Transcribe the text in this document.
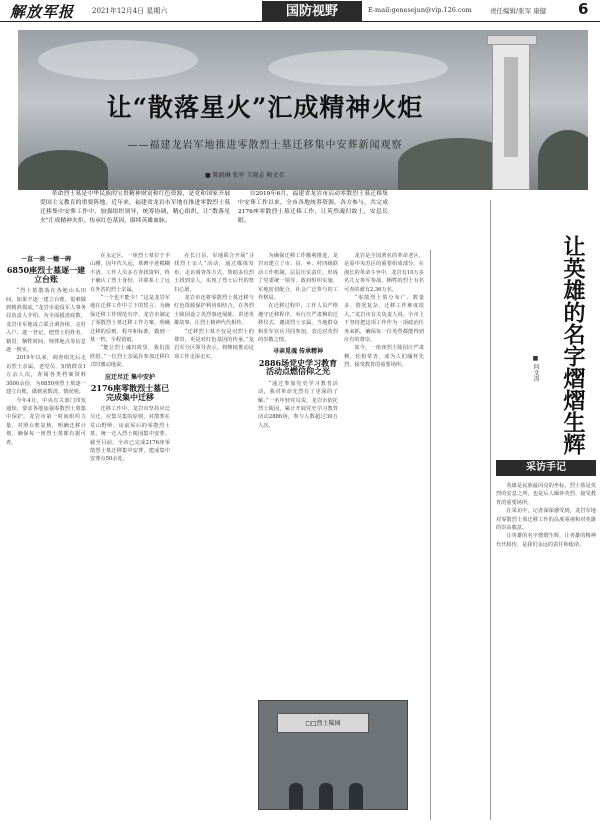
解放军报	2021年12月4日 星期六	国防视野	E-mail:genesejun@vip.126.com	责任编辑/张军 康健 6
让“散落星火”汇成精神火炬
——福建龙岩军地推进零散烈士墓迁移集中安葬新闻观察
■ 陈晓琳 张军 王晓志 赖文君

革命烈士墓是中华民族的宝贵精神财富和红色资源，是党和国家开展爱国主义教育的重要阵地。近年来，福建省龙岩市军地在推进零散烈士墓迁移集中安葬工作中，加强组织领导，统筹协调，精心组织，让“散落星火”汇成精神火炬，传承红色基因，赓续英雄血脉。

自2019年6月，福建省龙岩市启动零散烈士墓迁移集中安葬工作以来，全市各地统筹资源，各方参与，共完成2176座零散烈士墓迁移工作，让英烈魂归故土，安息长眠。

一直一表 一穗一碑
6850座烈士墓逐一建立台账

“烈士墓散落在各地山头田间，如果不逐一建立台账，很难做到精准摸底。”龙岩市退役军人事务局负责人介绍。为全面摸清底数，龙岩市军地成立联合调查组，走村入户，逐一登记，把烈士的姓名、籍贯、牺牲时间、埋葬地点等信息逐一核实。

2019年以来，调查组先后走访烈士亲属、老党员、知情群众1万余人次，查阅各类档案资料3000余份，为6850座烈士墓逐一建立台账，做到底数清、情况明。

今年4月，中央有关部门印发通知，要求各地加强零散烈士墓集中保护。龙岩市第一时间组织力量，对照台账复核，明确迁移计划，确保每一座烈士墓都有据可查。

在永定区，一座烈士墓位于半山腰，因年代久远，墓碑字迹模糊不清。工作人员多方查找资料，终于确认了烈士身份，并联系上了远在外省的烈士亲属。

“一个也不能少！”这是龙岩军地在迁移工作中立下的誓言。为确保迁移工作规范有序，龙岩市制定了零散烈士墓迁移工作方案，明确迁移的原则、程序和标准，做到一墓一档，全程留痕。

“能让烈士魂归故里，我们很欣慰。”一位烈士亲属在参加迁移仪式时激动地说。

应迁尽迁 集中安护
2176座零散烈士墓已完成集中迁移

迁移工作中，龙岩市坚持应迁尽迁、应集尽集的原则，对散葬在荒山野岭、房前屋后的零散烈士墓，统一迁入烈士陵园集中安葬。截至目前，全市已完成2176座零散烈士墓迁移集中安葬，建成集中安葬点50余处。

在长汀县，军地联合开展“寻找烈士亲人”活动，通过媒体发布、走访调查等方式，帮助多位烈士找到亲人，实现了烈士后代的祭扫心愿。

龙岩市还将零散烈士墓迁移与红色资源保护利用相结合，在各烈士陵园设立英烈事迹展陈，讲述英雄故事，让烈士精神代代相传。

“迁移烈士墓不仅是对烈士的尊崇，更是对红色基因的传承。”龙岩军分区领导表示，将继续推动这项工作走深走实。

为确保迁移工作顺利推进，龙岩市建立了市、县、乡、村四级联动工作机制，层层压实责任，形成了党委统一领导、政府组织实施、军地密切配合、社会广泛参与的工作格局。

在迁移过程中，工作人员严格遵守迁移程序，举行庄严肃穆的迁移仪式，邀请烈士亲属、当地群众和驻军官兵共同参加，表达对英烈的崇敬之情。

寻亲觅魂 传承精神
2886场党史学习教育活动点燃信仰之光

“通过参加党史学习教育活动，我对革命先烈有了更深的了解。”一名年轻党员说。龙岩市依托烈士陵园，累计开展党史学习教育活动2886场，参与人数超过30万人次。

龙岩是全国著名的革命老区，是原中央苏区的重要组成部分。在漫长的革命斗争中，龙岩有10万多名儿女参军参战，牺牲的烈士有名可查的就有2.36万名。

“零散烈士墓分布广、数量多、情况复杂，迁移工作难度很大。”龙岩市有关负责人说，全市上下坚持把这项工作作为一项政治任务来抓，确保每一位英烈都能得到应有的尊崇。

如今，一座座烈士陵园庄严肃穆，松柏常青，成为人们缅怀先烈、接受教育的重要场所。

□□烈士陵园
让英雄的名字熠熠生辉
■ 何文涛
采访手记

英雄是民族最闪亮的坐标。烈士墓是英烈的安息之所，也是后人缅怀英烈、接受教育的重要场所。

在采访中，记者深深感受到，龙岩军地对零散烈士墓迁移工作的高度重视和对英雄的崇高敬意。

让英雄的名字熠熠生辉，让英雄的精神代代相传，是我们永远的责任和使命。
